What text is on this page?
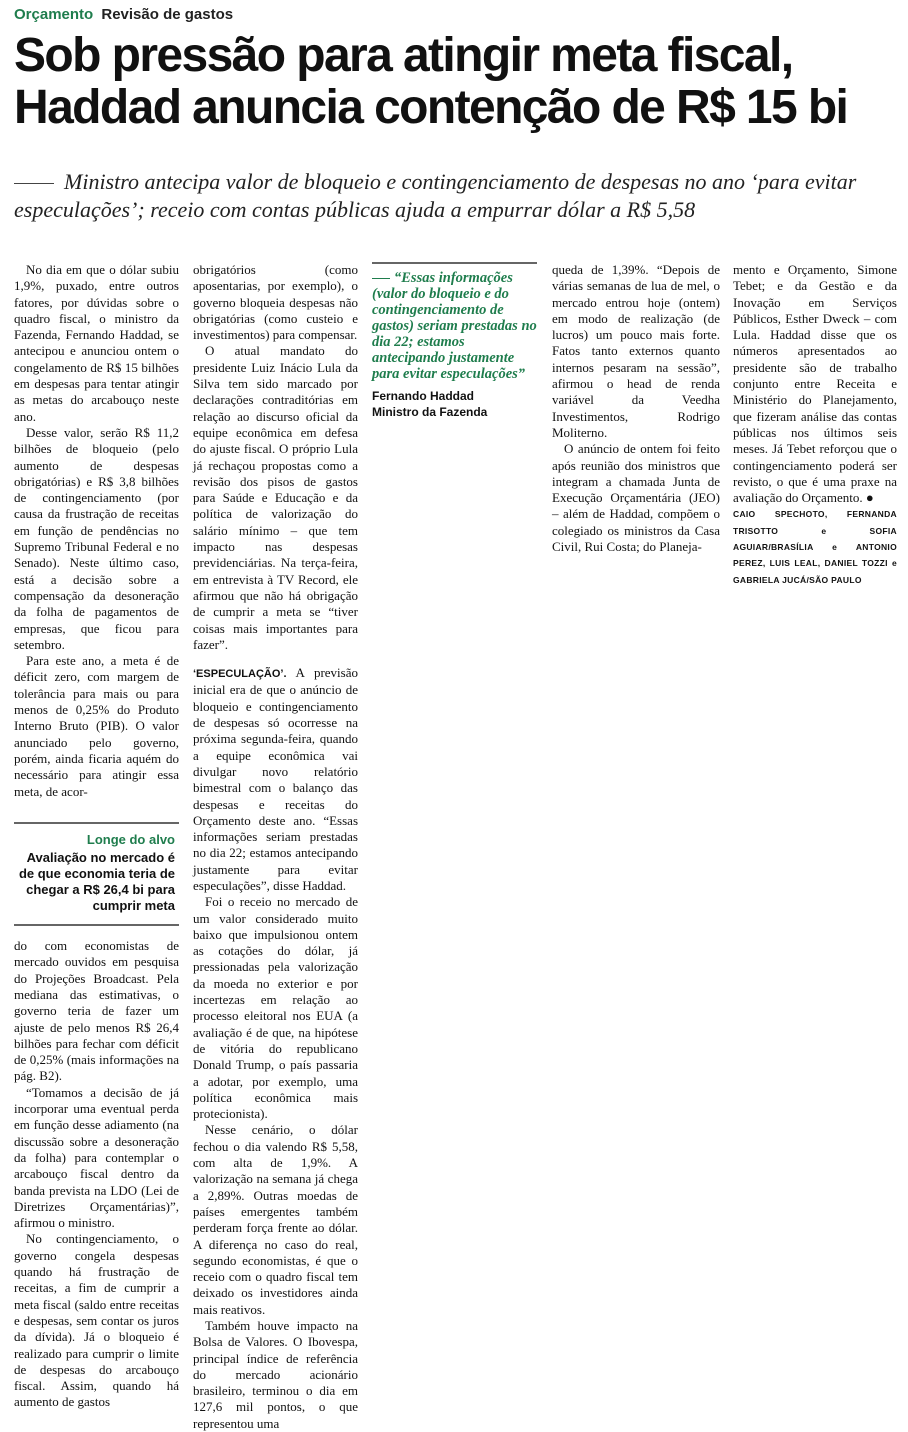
Orçamento Revisão de gastos
Sob pressão para atingir meta fiscal, Haddad anuncia contenção de R$ 15 bi

Ministro antecipa valor de bloqueio e contingenciamento de despesas no ano ‘para evitar especulações’; receio com contas públicas ajuda a empurrar dólar a R$ 5,58

No dia em que o dólar subiu 1,9%, puxado, entre outros fatores, por dúvidas sobre o quadro fiscal, o ministro da Fazenda, Fernando Haddad, se antecipou e anunciou ontem o congelamento de R$ 15 bilhões em despesas para tentar atingir as metas do arcabouço neste ano.

Desse valor, serão R$ 11,2 bilhões de bloqueio (pelo aumento de despesas obrigatórias) e R$ 3,8 bilhões de contingenciamento (por causa da frustração de receitas em função de pendências no Supremo Tribunal Federal e no Senado). Neste último caso, está a decisão sobre a compensação da desoneração da folha de pagamentos de empresas, que ficou para setembro.

Para este ano, a meta é de déficit zero, com margem de tolerância para mais ou para menos de 0,25% do Produto Interno Bruto (PIB). O valor anunciado pelo governo, porém, ainda ficaria aquém do necessário para atingir essa meta, de acor-

Longe do alvo
Avaliação no mercado é de que economia teria de chegar a R$ 26,4 bi para cumprir meta

do com economistas de mercado ouvidos em pesquisa do Projeções Broadcast. Pela mediana das estimativas, o governo teria de fazer um ajuste de pelo menos R$ 26,4 bilhões para fechar com déficit de 0,25% (mais informações na pág. B2).

“Tomamos a decisão de já incorporar uma eventual perda em função desse adiamento (na discussão sobre a desoneração da folha) para contemplar o arcabouço fiscal dentro da banda prevista na LDO (Lei de Diretrizes Orçamentárias)”, afirmou o ministro.

No contingenciamento, o governo congela despesas quando há frustração de receitas, a fim de cumprir a meta fiscal (saldo entre receitas e despesas, sem contar os juros da dívida). Já o bloqueio é realizado para cumprir o limite de despesas do arcabouço fiscal. Assim, quando há aumento de gastos

obrigatórios (como aposentarias, por exemplo), o governo bloqueia despesas não obrigatórias (como custeio e investimentos) para compensar.

O atual mandato do presidente Luiz Inácio Lula da Silva tem sido marcado por declarações contraditórias em relação ao discurso oficial da equipe econômica em defesa do ajuste fiscal. O próprio Lula já rechaçou propostas como a revisão dos pisos de gastos para Saúde e Educação e da política de valorização do salário mínimo – que tem impacto nas despesas previdenciárias. Na terça-feira, em entrevista à TV Record, ele afirmou que não há obrigação de cumprir a meta se “tiver coisas mais importantes para fazer”.

‘ESPECULAÇÃO’. A previsão inicial era de que o anúncio de bloqueio e contingenciamento de despesas só ocorresse na próxima segunda-feira, quando a equipe econômica vai divulgar novo relatório bimestral com o balanço das despesas e receitas do Orçamento deste ano. “Essas informações seriam prestadas no dia 22; estamos antecipando justamente para evitar especulações”, disse Haddad.

Foi o receio no mercado de um valor considerado muito baixo que impulsionou ontem as cotações do dólar, já pressionadas pela valorização da moeda no exterior e por incertezas em relação ao processo eleitoral nos EUA (a avaliação é de que, na hipótese de vitória do republicano Donald Trump, o país passaria a adotar, por exemplo, uma política econômica mais protecionista).

Nesse cenário, o dólar fechou o dia valendo R$ 5,58, com alta de 1,9%. A valorização na semana já chega a 2,89%. Outras moedas de países emergentes também perderam força frente ao dólar. A diferença no caso do real, segundo economistas, é que o receio com o quadro fiscal tem deixado os investidores ainda mais reativos.

Também houve impacto na Bolsa de Valores. O Ibovespa, principal índice de referência do mercado acionário brasileiro, terminou o dia em 127,6 mil pontos, o que representou uma

“Essas informações (valor do bloqueio e do contingenciamento de gastos) seriam prestadas no dia 22; estamos antecipando justamente para evitar especulações”
Fernando Haddad
Ministro da Fazenda

queda de 1,39%. “Depois de várias semanas de lua de mel, o mercado entrou hoje (ontem) em modo de realização (de lucros) um pouco mais forte. Fatos tanto externos quanto internos pesaram na sessão”, afirmou o head de renda variável da Veedha Investimentos, Rodrigo Moliterno.

O anúncio de ontem foi feito após reunião dos ministros que integram a chamada Junta de Execução Orçamentária (JEO) – além de Haddad, compõem o colegiado os ministros da Casa Civil, Rui Costa; do Planeja-

mento e Orçamento, Simone Tebet; e da Gestão e da Inovação em Serviços Públicos, Esther Dweck – com Lula. Haddad disse que os números apresentados ao presidente são de trabalho conjunto entre Receita e Ministério do Planejamento, que fizeram análise das contas públicas nos últimos seis meses. Já Tebet reforçou que o contingenciamento poderá ser revisto, o que é uma praxe na avaliação do Orçamento. ●

CAIO SPECHOTO, FERNANDA TRISOTTO e SOFIA AGUIAR/BRASÍLIA e ANTONIO PEREZ, LUIS LEAL, DANIEL TOZZI e GABRIELA JUCÁ/SÃO PAULO
